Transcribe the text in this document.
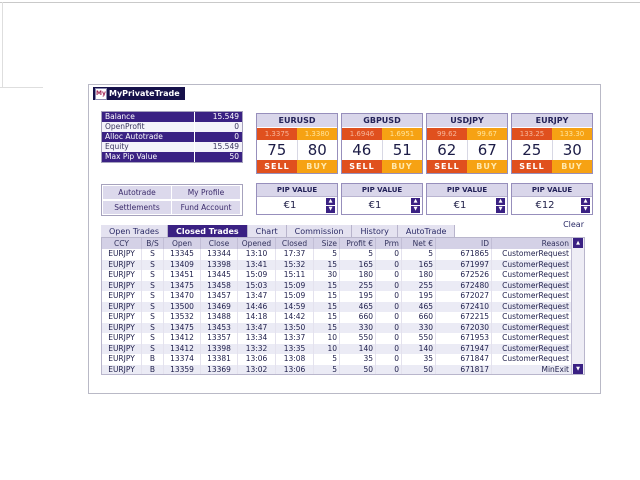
My MyPrivateTrade
Balance	15.549
OpenProfit	0
Alloc Autotrade	0
Equity	15.549
Max Pip Value	50
Autotrade	My Profile
Settlements	Fund Account
EURUSD
1.3375	1.3380
75	80
SELL	BUY
GBPUSD
1.6946	1.6951
46	51
SELL	BUY
USDJPY
99.62	99.67
62	67
SELL	BUY
EURJPY
133.25	133.30
25	30
SELL	BUY
PIP VALUE
€1	▲
▼
PIP VALUE
€1	▲
▼
PIP VALUE
€1	▲
▼
PIP VALUE
€12	▲
▼
Open Trades Closed Trades Chart Commission History AutoTrade
Clear
CCY	B/S	Open	Close	Opened	Closed	Size	Profit €	Prm	Net €	ID	Reason
EURJPY	S	13345	13344	13:10	17:37	5	5	0	5	671865	CustomerRequest
EURJPY	S	13409	13398	13:41	15:32	15	165	0	165	671997	CustomerRequest
EURJPY	S	13451	13445	15:09	15:11	30	180	0	180	672526	CustomerRequest
EURJPY	S	13475	13458	15:03	15:09	15	255	0	255	672480	CustomerRequest
EURJPY	S	13470	13457	13:47	15:09	15	195	0	195	672027	CustomerRequest
EURJPY	S	13500	13469	14:46	14:59	15	465	0	465	672410	CustomerRequest
EURJPY	S	13532	13488	14:18	14:42	15	660	0	660	672215	CustomerRequest
EURJPY	S	13475	13453	13:47	13:50	15	330	0	330	672030	CustomerRequest
EURJPY	S	13412	13357	13:34	13:37	10	550	0	550	671953	CustomerRequest
EURJPY	S	13412	13398	13:32	13:35	10	140	0	140	671947	CustomerRequest
EURJPY	B	13374	13381	13:06	13:08	5	35	0	35	671847	CustomerRequest
EURJPY	B	13359	13369	13:02	13:06	5	50	0	50	671817	MinExit
▲
▼
